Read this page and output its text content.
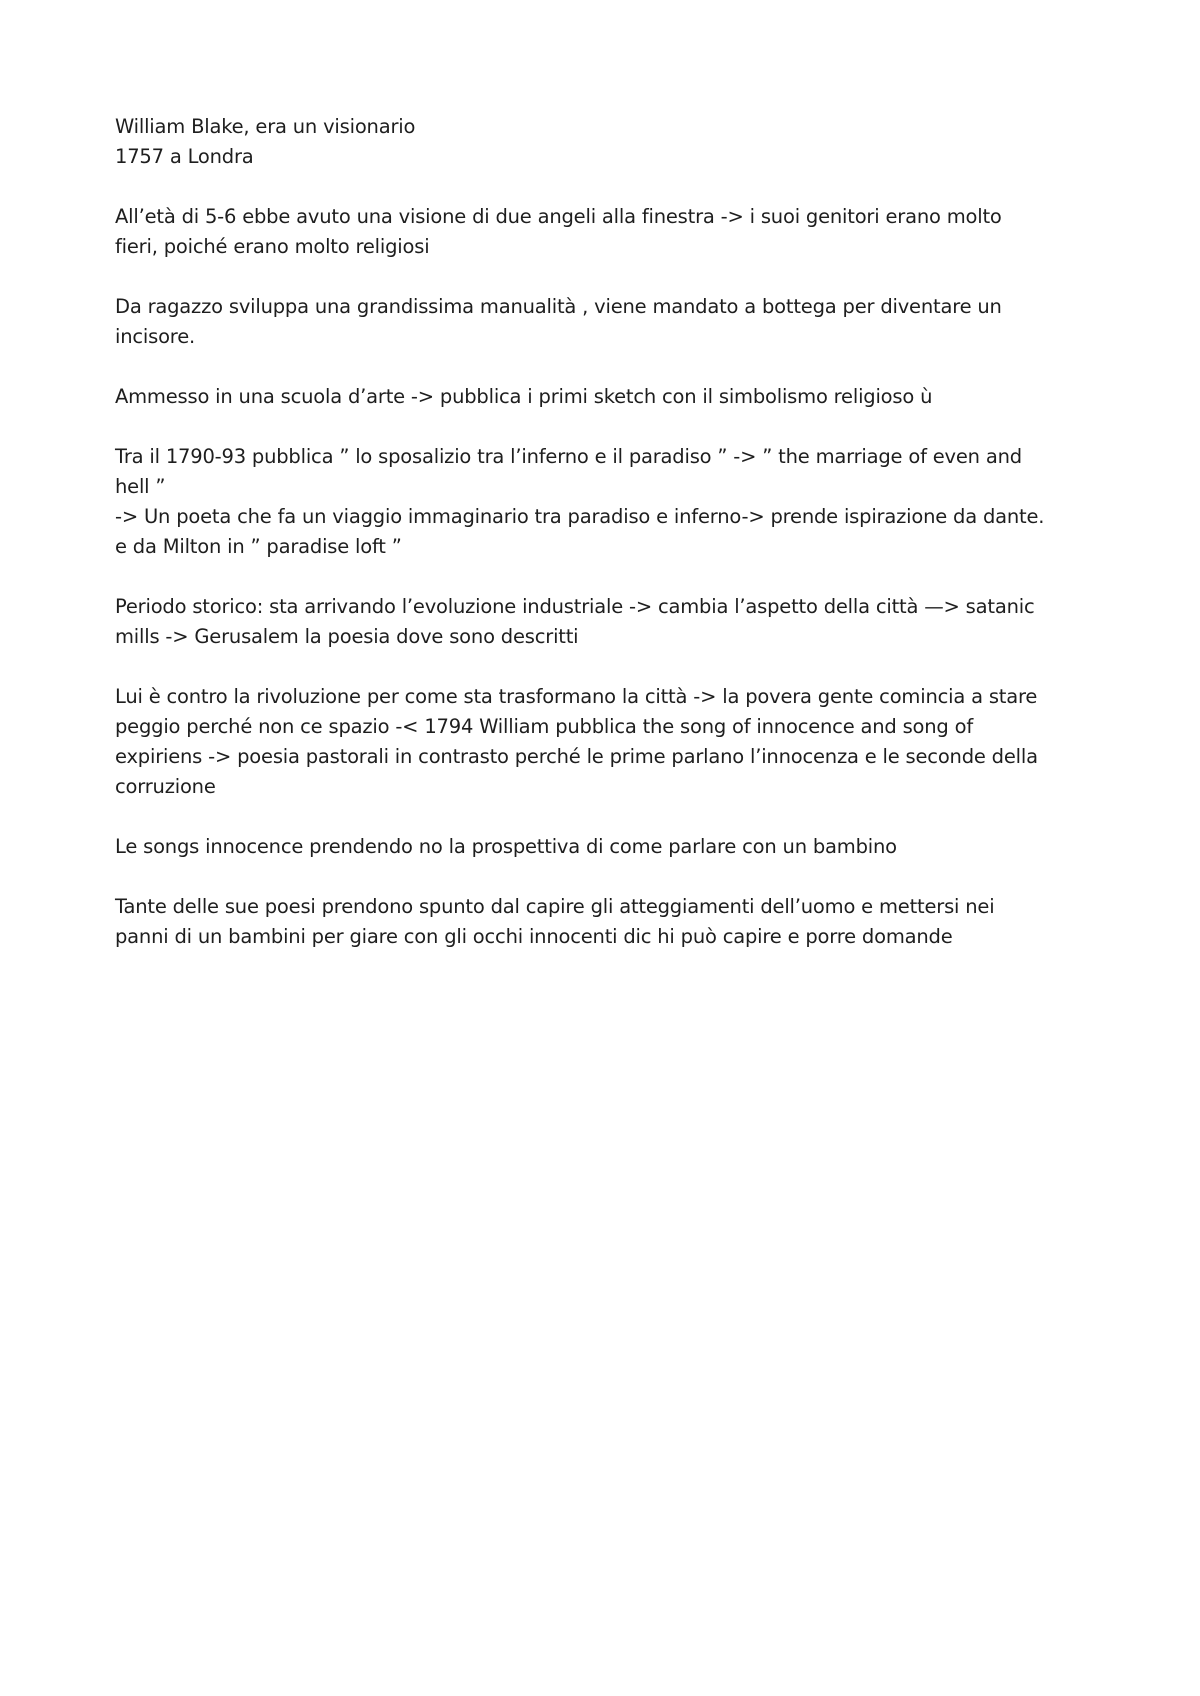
William Blake, era un visionario
1757 a Londra

All’età di 5-6 ebbe avuto una visione di due angeli alla finestra -> i suoi genitori erano molto
fieri, poiché erano molto religiosi

Da ragazzo sviluppa una grandissima manualità , viene mandato a bottega per diventare un
incisore.

Ammesso in una scuola d’arte -> pubblica i primi sketch con il simbolismo religioso ù

Tra il 1790-93 pubblica ” lo sposalizio tra l’inferno e il paradiso ” -> ” the marriage of even and
hell ”
-> Un poeta che fa un viaggio immaginario tra paradiso e inferno-> prende ispirazione da dante.
e da Milton in ” paradise loft ”

Periodo storico: sta arrivando l’evoluzione industriale -> cambia l’aspetto della città —> satanic
mills -> Gerusalem la poesia dove sono descritti

Lui è contro la rivoluzione per come sta trasformano la città -> la povera gente comincia a stare
peggio perché non ce spazio -< 1794 William pubblica the song of innocence and song of
expiriens -> poesia pastorali in contrasto perché le prime parlano l’innocenza e le seconde della
corruzione

Le songs innocence prendendo no la prospettiva di come parlare con un bambino

Tante delle sue poesi prendono spunto dal capire gli atteggiamenti dell’uomo e mettersi nei
panni di un bambini per giare con gli occhi innocenti dic hi può capire e porre domande
